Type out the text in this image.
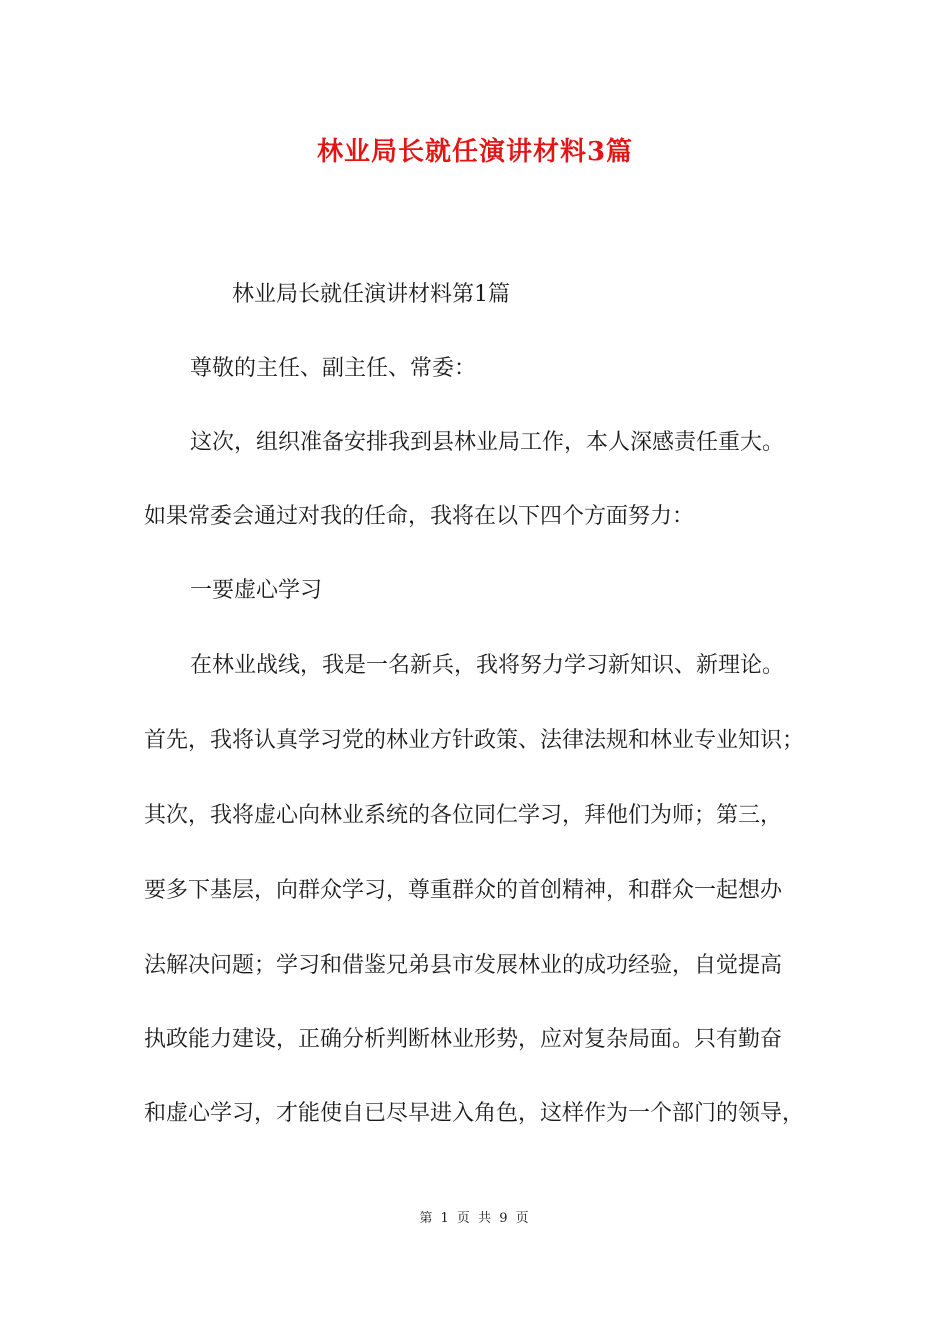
林业局长就任演讲材料3篇
林业局长就任演讲材料第1篇
尊敬的主任、副主任、常委：
这次，组织准备安排我到县林业局工作，本人深感责任重大。
如果常委会通过对我的任命，我将在以下四个方面努力：
一要虚心学习
在林业战线，我是一名新兵，我将努力学习新知识、新理论。
首先，我将认真学习党的林业方针政策、法律法规和林业专业知识；
其次，我将虚心向林业系统的各位同仁学习，拜他们为师；第三，
要多下基层，向群众学习，尊重群众的首创精神，和群众一起想办
法解决问题；学习和借鉴兄弟县市发展林业的成功经验，自觉提高
执政能力建设，正确分析判断林业形势，应对复杂局面。只有勤奋
和虚心学习，才能使自已尽早进入角色，这样作为一个部门的领导，
第 1 页 共 9 页
